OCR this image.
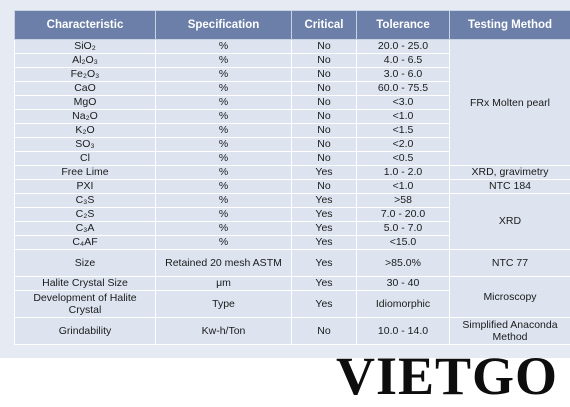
Characteristic	Specification	Critical	Tolerance	Testing Method
SiO₂	%	No	20.0 - 25.0	FRx Molten pearl
Al₂O₃	%	No	4.0 - 6.5	
Fe₂O₃	%	No	3.0 - 6.0	
CaO	%	No	60.0 - 75.5	
MgO	%	No	<3.0	
Na₂O	%	No	<1.0	
K₂O	%	No	<1.5	
SO₃	%	No	<2.0	
Cl	%	No	<0.5	
Free Lime	%	Yes	1.0 - 2.0	XRD, gravimetry
PXI	%	No	<1.0	NTC 184
C₃S	%	Yes	>58	XRD
C₂S	%	Yes	7.0 - 20.0	
C₃A	%	Yes	5.0 - 7.0	
C₄AF	%	Yes	<15.0	
Size	Retained 20 mesh ASTM	Yes	>85.0%	NTC 77
Halite Crystal Size	μm	Yes	30 - 40	Microscopy
Development of Halite Crystal	Type	Yes	Idiomorphic	
Grindability	Kw-h/Ton	No	10.0 - 14.0	Simplified Anaconda Method
VIETGO
